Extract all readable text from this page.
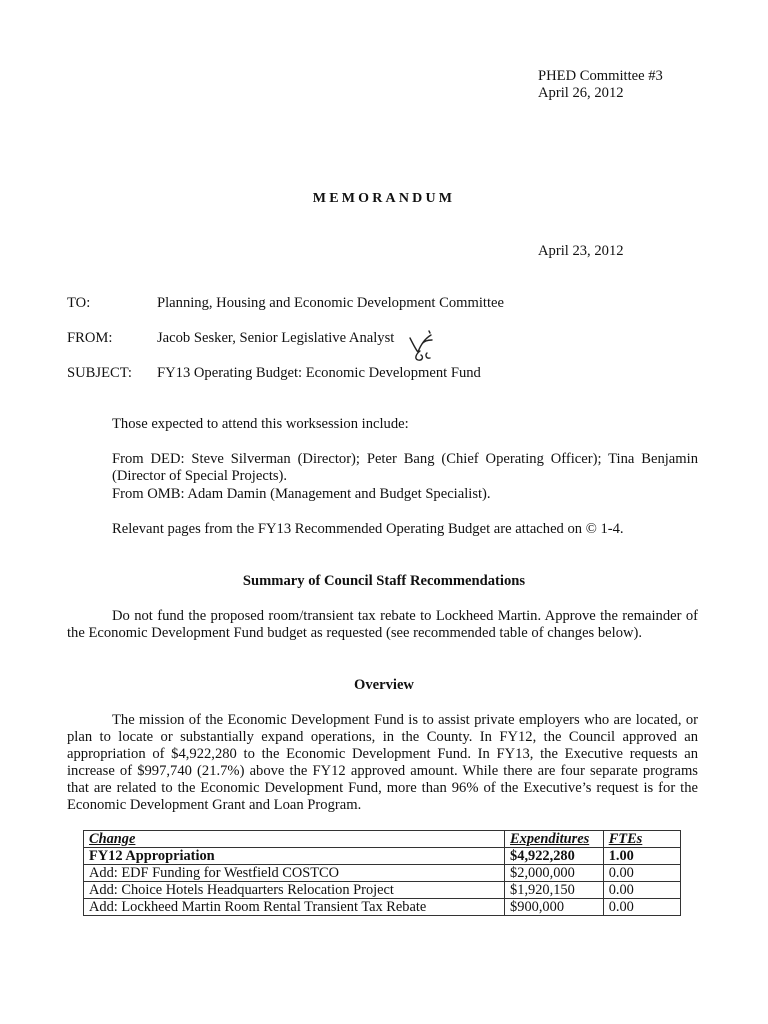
PHED Committee #3
April 26, 2012
MEMORANDUM
April 23, 2012
TO:	Planning, Housing and Economic Development Committee
FROM:	Jacob Sesker, Senior Legislative Analyst
SUBJECT: FY13 Operating Budget: Economic Development Fund
Those expected to attend this worksession include:
From DED: Steve Silverman (Director); Peter Bang (Chief Operating Officer); Tina Benjamin (Director of Special Projects).
From OMB: Adam Damin (Management and Budget Specialist).
Relevant pages from the FY13 Recommended Operating Budget are attached on © 1-4.
Summary of Council Staff Recommendations
Do not fund the proposed room/transient tax rebate to Lockheed Martin. Approve the remainder of the Economic Development Fund budget as requested (see recommended table of changes below).
Overview
The mission of the Economic Development Fund is to assist private employers who are located, or plan to locate or substantially expand operations, in the County. In FY12, the Council approved an appropriation of $4,922,280 to the Economic Development Fund. In FY13, the Executive requests an increase of $997,740 (21.7%) above the FY12 approved amount. While there are four separate programs that are related to the Economic Development Fund, more than 96% of the Executive’s request is for the Economic Development Grant and Loan Program.
Change	Expenditures	FTEs
FY12 Appropriation	$4,922,280	1.00
Add: EDF Funding for Westfield COSTCO	$2,000,000	0.00
Add: Choice Hotels Headquarters Relocation Project	$1,920,150	0.00
Add: Lockheed Martin Room Rental Transient Tax Rebate	$900,000	0.00
